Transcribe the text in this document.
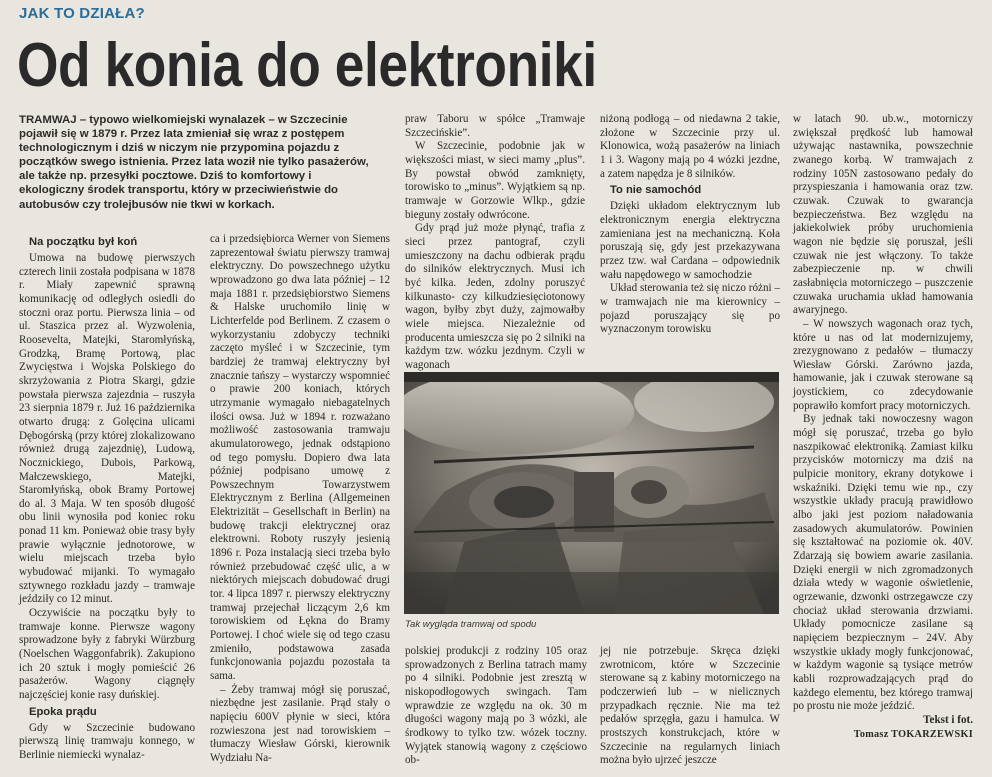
JAK TO DZIAŁA?
Od konia do elektroniki
TRAMWAJ – typowo wielkomiejski wynalazek – w Szczecinie pojawił się w 1879 r. Przez lata zmieniał się wraz z postępem technologicznym i dziś w niczym nie przypomina pojazdu z początków swego istnienia. Przez lata woził nie tylko pasażerów, ale także np. przesyłki pocztowe. Dziś to komfortowy i ekologiczny środek transportu, który w przeciwieństwie do autobusów czy trolejbusów nie tkwi w korkach.
Na początku był koń

Umowa na budowę pierwszych czterech linii została podpisana w 1878 r. Miały zapewnić sprawną komunikację od odległych osiedli do stoczni oraz portu. Pierwsza linia – od ul. Staszica przez al. Wyzwolenia, Roosevelta, Matejki, Staromłyńską, Grodzką, Bramę Portową, plac Zwycięstwa i Wojska Polskiego do skrzyżowania z Piotra Skargi, gdzie powstała pierwsza zajezdnia – ruszyła 23 sierpnia 1879 r. Już 16 października otwarto drugą: z Golęcina ulicami Dębogórską (przy której zlokalizowano również drugą zajezdnię), Ludową, Nocznickiego, Dubois, Parkową, Małczewskiego, Matejki, Staromłyńską, obok Bramy Portowej do al. 3 Maja. W ten sposób długość obu linii wynosiła pod koniec roku ponad 11 km. Ponieważ obie trasy były prawie wyłącznie jednotorowe, w wielu miejscach trzeba było wybudować mijanki. To wymagało sztywnego rozkładu jazdy – tramwaje jeździły co 12 minut.

Oczywiście na początku były to tramwaje konne. Pierwsze wagony sprowadzone były z fabryki Würzburg (Noelschen Waggonfabrik). Zakupiono ich 20 sztuk i mogły pomieścić 26 pasażerów. Wagony ciągnęły najczęściej konie rasy duńskiej.

Epoka prądu

Gdy w Szczecinie budowano pierwszą linię tramwaju konnego, w Berlinie niemiecki wynalaz-

ca i przedsiębiorca Werner von Siemens zaprezentował światu pierwszy tramwaj elektryczny. Do powszechnego użytku wprowadzono go dwa lata później – 12 maja 1881 r. przedsiębiorstwo Siemens & Halske uruchomiło linię w Lichterfelde pod Berlinem. Z czasem o wykorzystaniu zdobyczy techniki zaczęto myśleć i w Szczecinie, tym bardziej że tramwaj elektryczny był znacznie tańszy – wystarczy wspomnieć o prawie 200 koniach, których utrzymanie wymagało niebagatelnych ilości owsa. Już w 1894 r. rozważano możliwość zastosowania tramwaju akumulatorowego, jednak odstąpiono od tego pomysłu. Dopiero dwa lata później podpisano umowę z Powszechnym Towarzystwem Elektrycznym z Berlina (Allgemeinen Elektrizität – Gesellschaft in Berlin) na budowę trakcji elektrycznej oraz elektrowni. Roboty ruszyły jesienią 1896 r. Poza instalacją sieci trzeba było również przebudować część ulic, a w niektórych miejscach dobudować drugi tor. 4 lipca 1897 r. pierwszy elektryczny tramwaj przejechał liczącym 2,6 km torowiskiem od Łękna do Bramy Portowej. I choć wiele się od tego czasu zmieniło, podstawowa zasada funkcjonowania pojazdu pozostała ta sama.

– Żeby tramwaj mógł się poruszać, niezbędne jest zasilanie. Prąd stały o napięciu 600V płynie w sieci, która rozwieszona jest nad torowiskiem – tłumaczy Wiesław Górski, kierownik Wydziału Na-

praw Taboru w spółce „Tramwaje Szczecińskie”.

W Szczecinie, podobnie jak w większości miast, w sieci mamy „plus”. By powstał obwód zamknięty, torowisko to „minus”. Wyjątkiem są np. tramwaje w Gorzowie Wlkp., gdzie bieguny zostały odwrócone.

Gdy prąd już może płynąć, trafia z sieci przez pantograf, czyli umieszczony na dachu odbierak prądu do silników elektrycznych. Musi ich być kilka. Jeden, zdolny poruszyć kilkunasto- czy kilkudziesięciotonowy wagon, byłby zbyt duży, zajmowałby wiele miejsca. Niezależnie od producenta umieszcza się po 2 silniki na każdym tzw. wózku jezdnym. Czyli w wagonach

niżoną podłogą – od niedawna 2 takie, złożone w Szczecinie przy ul. Klonowica, wożą pasażerów na liniach 1 i 3. Wagony mają po 4 wózki jezdne, a zatem napędza je 8 silników.

To nie samochód

Dzięki układom elektrycznym lub elektronicznym energia elektryczna zamieniana jest na mechaniczną. Koła poruszają się, gdy jest przekazywana przez tzw. wał Cardana – odpowiednik wału napędowego w samochodzie

Układ sterowania też się niczo różni – w tramwajach nie ma kierownicy – pojazd poruszający się po wyznaczonym torowisku

w latach 90. ub.w., motorniczy zwiększał prędkość lub hamował używając nastawnika, powszechnie zwanego korbą. W tramwajach z rodziny 105N zastosowano pedały do przyspieszania i hamowania oraz tzw. czuwak. Czuwak to gwarancja bezpieczeństwa. Bez względu na jakiekolwiek próby uruchomienia wagon nie będzie się poruszał, jeśli czuwak nie jest włączony. To także zabezpieczenie np. w chwili zasłabnięcia motorniczego – puszczenie czuwaka uruchamia układ hamowania awaryjnego.

– W nowszych wagonach oraz tych, które u nas od lat modernizujemy, zrezygnowano z pedałów – tłumaczy Wiesław Górski. Zarówno jazda, hamowanie, jak i czuwak sterowane są joystickiem, co zdecydowanie poprawiło komfort pracy motorniczych.

By jednak taki nowoczesny wagon mógł się poruszać, trzeba go było naszpikować elektroniką. Zamiast kilku przycisków motorniczy ma dziś na pulpicie monitory, ekrany dotykowe i wskaźniki. Dzięki temu wie np., czy wszystkie układy pracują prawidłowo albo jaki jest poziom naładowania zasadowych akumulatorów. Powinien się kształtować na poziomie ok. 40V. Zdarzają się bowiem awarie zasilania. Dzięki energii w nich zgromadzonych działa wtedy w wagonie oświetlenie, ogrzewanie, dzwonki ostrzegawcze czy chociaż układ sterowania drzwiami. Układy pomocnicze zasilane są napięciem bezpiecznym – 24V. Aby wszystkie układy mogły funkcjonować, w każdym wagonie są tysiące metrów kabli rozprowadzających prąd do każdego elementu, bez którego tramwaj po prostu nie może jeździć.

Tekst i fot.
Tomasz TOKARZEWSKI
Tak wygląda tramwaj od spodu

polskiej produkcji z rodziny 105 oraz sprowadzonych z Berlina tatrach mamy po 4 silniki. Podobnie jest zresztą w niskopodłogowych swingach. Tam wprawdzie ze względu na ok. 30 m długości wagony mają po 3 wózki, ale środkowy to tylko tzw. wózek toczny. Wyjątek stanowią wagony z częściowo ob-

jej nie potrzebuje. Skręca dzięki zwrotnicom, które w Szczecinie sterowane są z kabiny motorniczego na podczerwień lub – w nielicznych przypadkach ręcznie. Nie ma też pedałów sprzęgła, gazu i hamulca. W prostszych konstrukcjach, które w Szczecinie na regularnych liniach można było ujrzeć jeszcze
